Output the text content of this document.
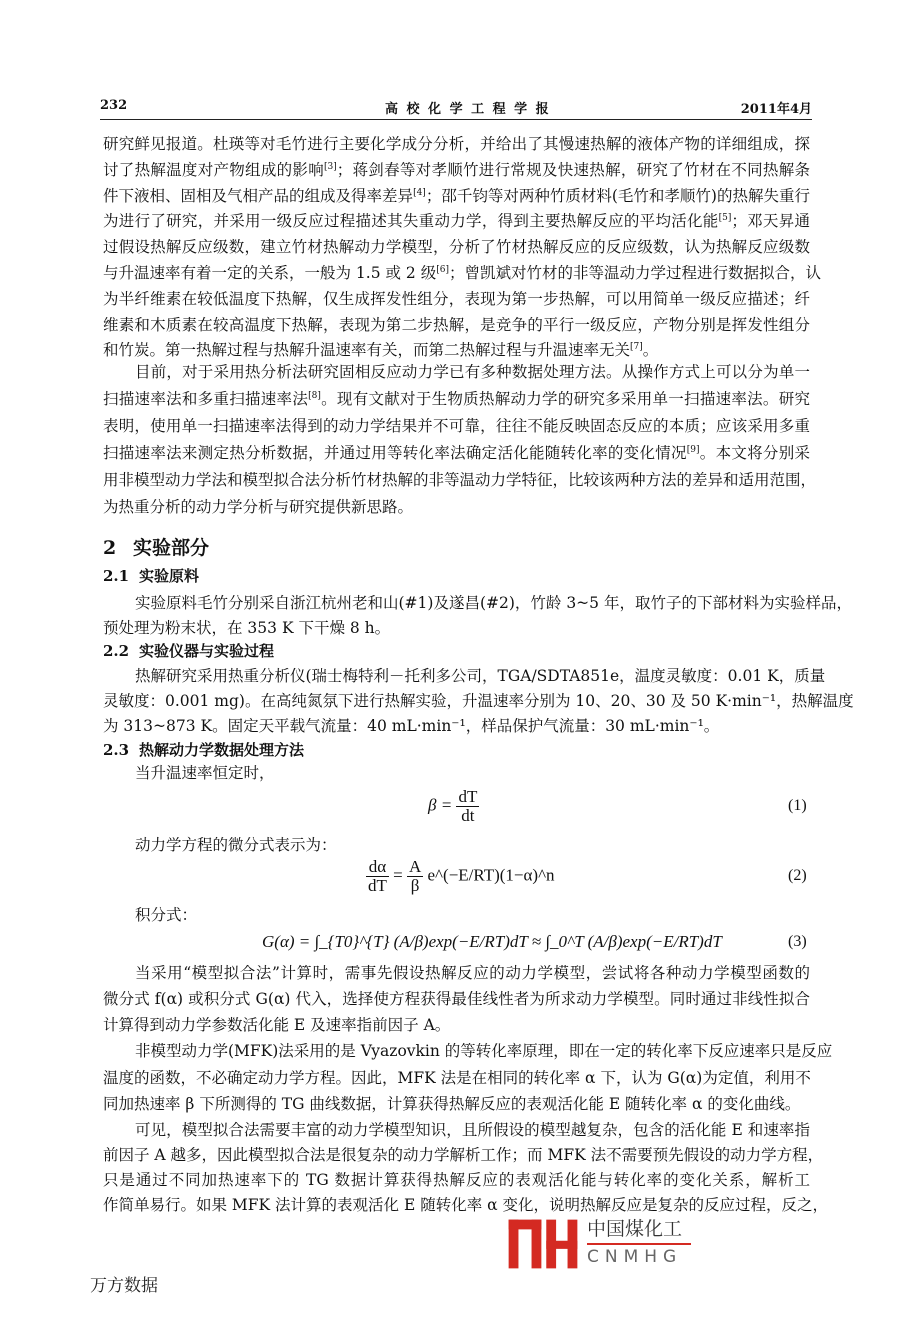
232	高 校 化 学 工 程 学 报	2011年4月
研究鲜见报道。杜瑛等对毛竹进行主要化学成分分析，并给出了其慢速热解的液体产物的详细组成，探
讨了热解温度对产物组成的影响[3]；蒋剑春等对孝顺竹进行常规及快速热解，研究了竹材在不同热解条
件下液相、固相及气相产品的组成及得率差异[4]；邵千钧等对两种竹质材料(毛竹和孝顺竹)的热解失重行
为进行了研究，并采用一级反应过程描述其失重动力学，得到主要热解反应的平均活化能[5]；邓天昇通
过假设热解反应级数，建立竹材热解动力学模型，分析了竹材热解反应的反应级数，认为热解反应级数
与升温速率有着一定的关系，一般为 1.5 或 2 级[6]；曾凯斌对竹材的非等温动力学过程进行数据拟合，认
为半纤维素在较低温度下热解，仅生成挥发性组分，表现为第一步热解，可以用简单一级反应描述；纤
维素和木质素在较高温度下热解，表现为第二步热解，是竞争的平行一级反应，产物分别是挥发性组分
和竹炭。第一热解过程与热解升温速率有关，而第二热解过程与升温速率无关[7]。
目前，对于采用热分析法研究固相反应动力学已有多种数据处理方法。从操作方式上可以分为单一
扫描速率法和多重扫描速率法[8]。现有文献对于生物质热解动力学的研究多采用单一扫描速率法。研究
表明，使用单一扫描速率法得到的动力学结果并不可靠，往往不能反映固态反应的本质；应该采用多重
扫描速率法来测定热分析数据，并通过用等转化率法确定活化能随转化率的变化情况[9]。本文将分别采
用非模型动力学法和模型拟合法分析竹材热解的非等温动力学特征，比较该两种方法的差异和适用范围，
为热重分析的动力学分析与研究提供新思路。
2 实验部分
2.1 实验原料
实验原料毛竹分别采自浙江杭州老和山(#1)及遂昌(#2)，竹龄 3~5 年，取竹子的下部材料为实验样品，
预处理为粉末状，在 353 K 下干燥 8 h。
2.2 实验仪器与实验过程
热解研究采用热重分析仪(瑞士梅特利－托利多公司，TGA/SDTA851e，温度灵敏度：0.01 K，质量
灵敏度：0.001 mg)。在高纯氮氛下进行热解实验，升温速率分别为 10、20、30 及 50 K·min⁻¹，热解温度
为 313~873 K。固定天平载气流量：40 mL·min⁻¹，样品保护气流量：30 mL·min⁻¹。
2.3 热解动力学数据处理方法
当升温速率恒定时，
$\beta = \frac{dT}{dt}$	(1)
动力学方程的微分式表示为：
$\frac{d\alpha}{dT} = \frac{A}{\beta}$ e^(−E/RT)(1−α)^n	(2)
积分式：
G(α) = ∫_{T0}^{T} (A/β)exp(−E/RT)dT ≈ ∫_0^T (A/β)exp(−E/RT)dT	(3)
当采用“模型拟合法”计算时，需事先假设热解反应的动力学模型，尝试将各种动力学模型函数的
微分式 f(α) 或积分式 G(α) 代入，选择使方程获得最佳线性者为所求动力学模型。同时通过非线性拟合
计算得到动力学参数活化能 E 及速率指前因子 A。
非模型动力学(MFK)法采用的是 Vyazovkin 的等转化率原理，即在一定的转化率下反应速率只是反应
温度的函数，不必确定动力学方程。因此，MFK 法是在相同的转化率 α 下，认为 G(α)为定值，利用不
同加热速率 β 下所测得的 TG 曲线数据，计算获得热解反应的表观活化能 E 随转化率 α 的变化曲线。
可见，模型拟合法需要丰富的动力学模型知识，且所假设的模型越复杂，包含的活化能 E 和速率指
前因子 A 越多，因此模型拟合法是很复杂的动力学解析工作；而 MFK 法不需要预先假设的动力学方程，
只是通过不同加热速率下的 TG 数据计算获得热解反应的表观活化能与转化率的变化关系，解析工
作简单易行。如果 MFK 法计算的表观活化 E 随转化率 α 变化，说明热解反应是复杂的反应过程，反之，
中国煤化工
CNMHG
万方数据
